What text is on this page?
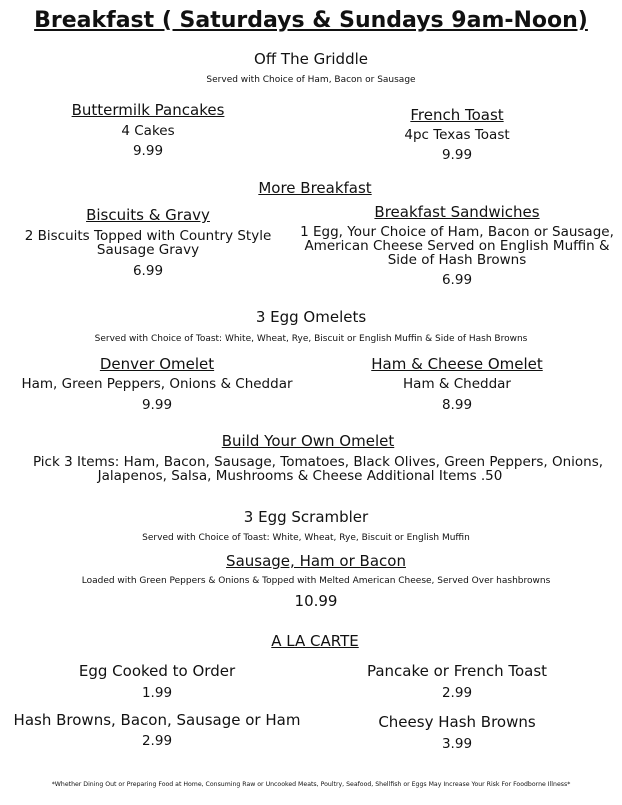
Breakfast ( Saturdays & Sundays 9am-Noon)
Off The Griddle
Served with Choice of Ham, Bacon or Sausage
Buttermilk Pancakes
4 Cakes
9.99
French Toast
4pc Texas Toast
9.99
More Breakfast
Biscuits & Gravy
2 Biscuits Topped with Country Style
Sausage Gravy
6.99
Breakfast Sandwiches
1 Egg, Your Choice of Ham, Bacon or Sausage,
American Cheese Served on English Muffin &
Side of Hash Browns
6.99
3 Egg Omelets
Served with Choice of Toast: White, Wheat, Rye, Biscuit or English Muffin & Side of Hash Browns
Denver Omelet
Ham, Green Peppers, Onions & Cheddar
9.99
Ham & Cheese Omelet
Ham & Cheddar
8.99
Build Your Own Omelet
Pick 3 Items: Ham, Bacon, Sausage, Tomatoes, Black Olives, Green Peppers, Onions,
Jalapenos, Salsa, Mushrooms & Cheese Additional Items .50
3 Egg Scrambler
Served with Choice of Toast: White, Wheat, Rye, Biscuit or English Muffin
Sausage, Ham or Bacon
Loaded with Green Peppers & Onions & Topped with Melted American Cheese, Served Over hashbrowns
10.99
A LA CARTE
Egg Cooked to Order
1.99
Pancake or French Toast
2.99
Hash Browns, Bacon, Sausage or Ham
2.99
Cheesy Hash Browns
3.99
*Whether Dining Out or Preparing Food at Home, Consuming Raw or Uncooked Meats, Poultry, Seafood, Shellfish or Eggs May Increase Your Risk For Foodborne Illness*
